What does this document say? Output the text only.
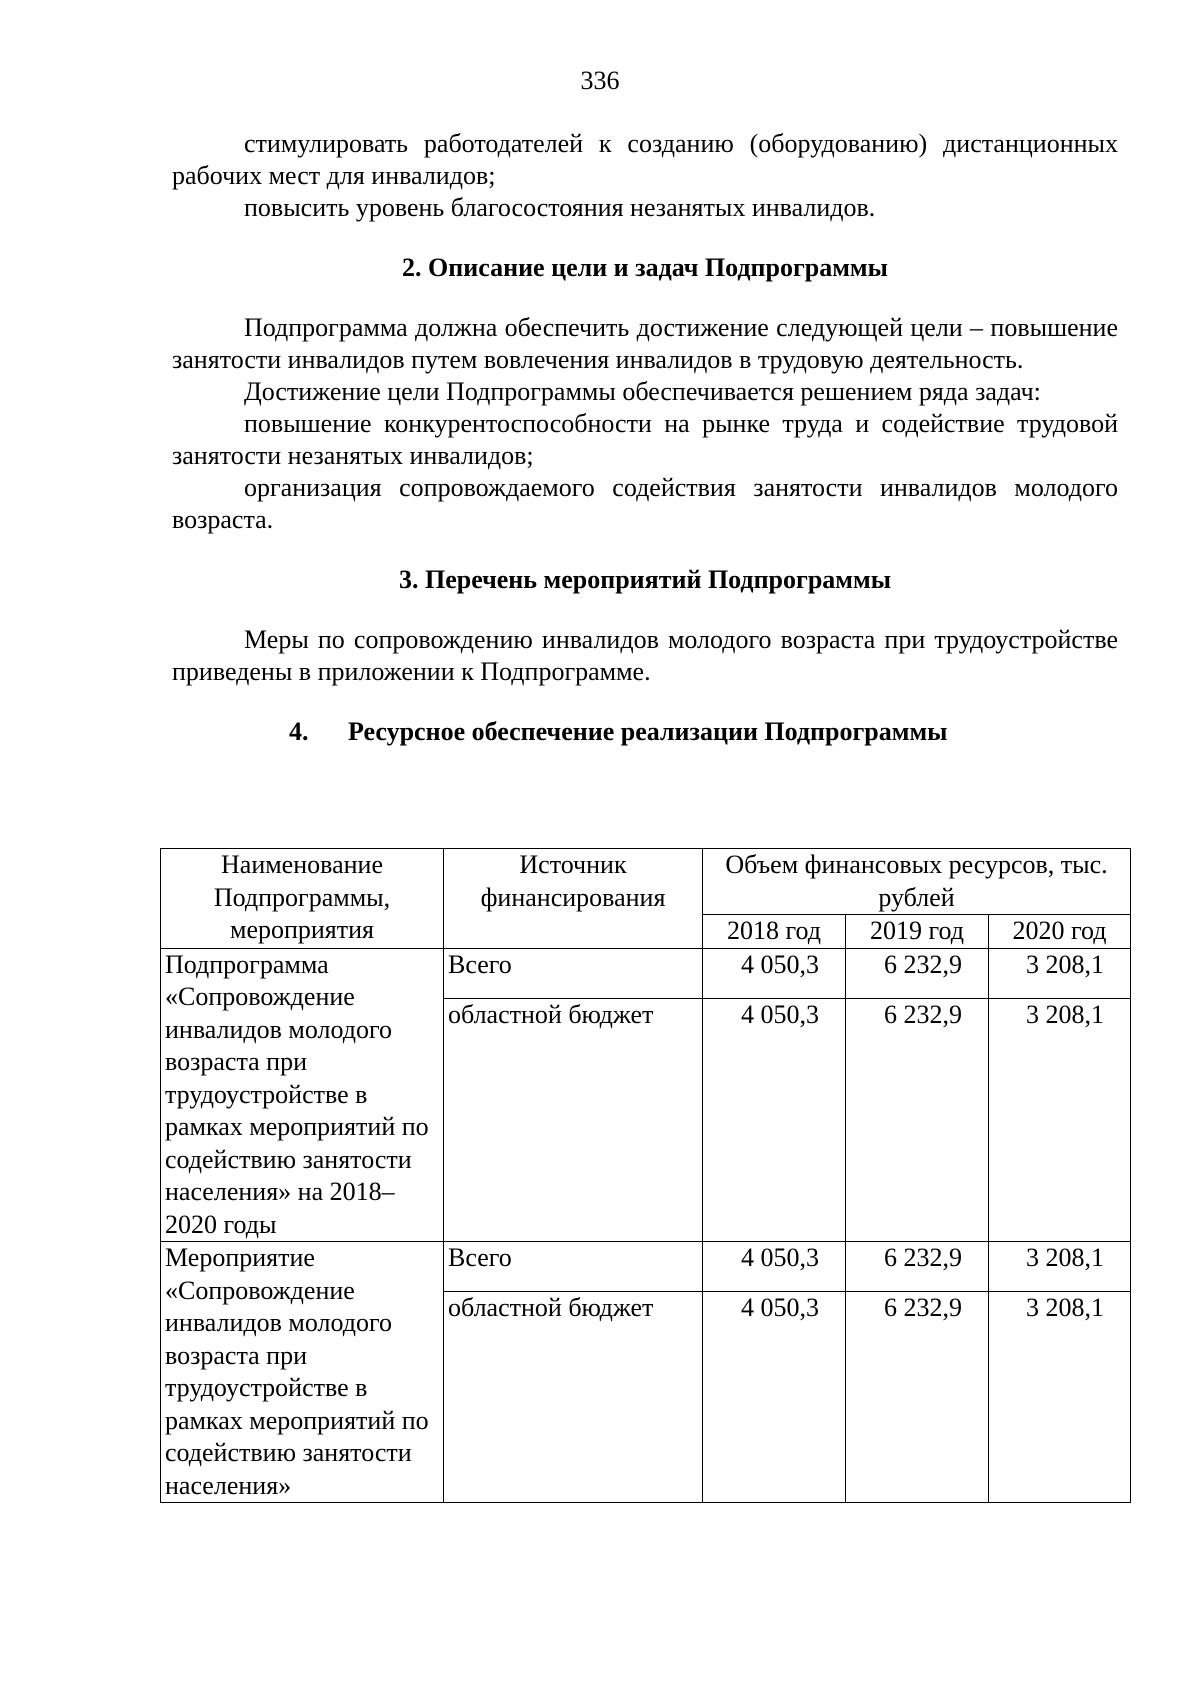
336
стимулировать работодателей к созданию (оборудованию) дистанционных рабочих мест для инвалидов;
повысить уровень благосостояния незанятых инвалидов.
2. Описание цели и задач Подпрограммы
Подпрограмма должна обеспечить достижение следующей цели – повышение занятости инвалидов путем вовлечения инвалидов в трудовую деятельность.
Достижение цели Подпрограммы обеспечивается решением ряда задач:
повышение конкурентоспособности на рынке труда и содействие трудовой занятости незанятых инвалидов;
организация сопровождаемого содействия занятости инвалидов молодого возраста.
3. Перечень мероприятий Подпрограммы
Меры по сопровождению инвалидов молодого возраста при трудоустройстве приведены в приложении к Подпрограмме.
4. Ресурсное обеспечение реализации Подпрограммы
Наименование Подпрограммы, мероприятия	Источник финансирования	Объем финансовых ресурсов, тыс. рублей		
		2018 год	2019 год	2020 год
Подпрограмма «Сопровождение инвалидов молодого возраста при трудоустройстве в рамках мероприятий по содействию занятости населения» на 2018–2020 годы	Всего	4 050,3	6 232,9	3 208,1
	областной бюджет	4 050,3	6 232,9	3 208,1
Мероприятие «Сопровождение инвалидов молодого возраста при трудоустройстве в рамках мероприятий по содействию занятости населения»	Всего	4 050,3	6 232,9	3 208,1
	областной бюджет	4 050,3	6 232,9	3 208,1
